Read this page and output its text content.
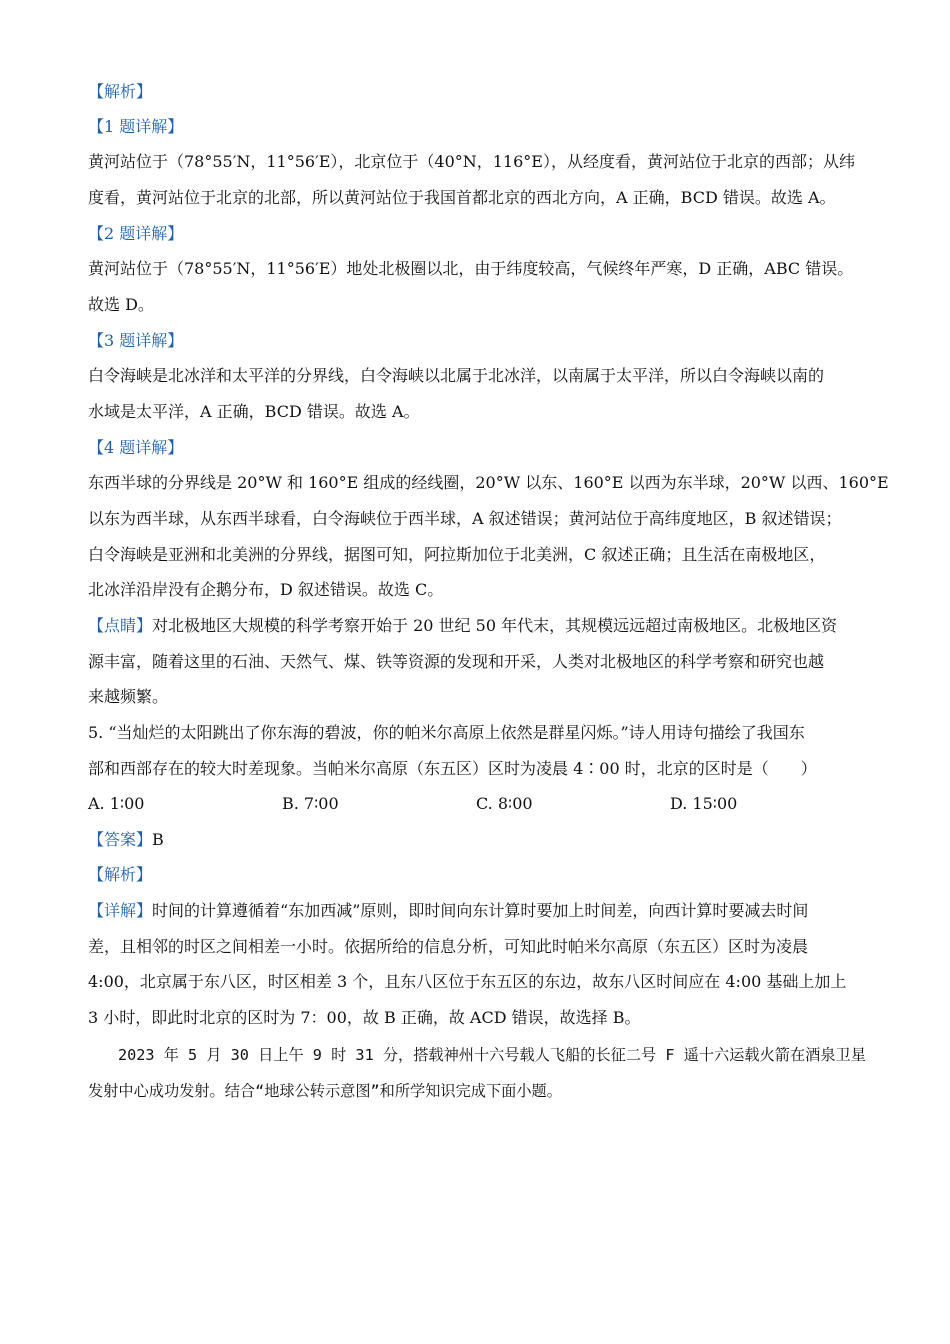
【解析】
【1 题详解】
黄河站位于（78°55′N，11°56′E），北京位于（40°N，116°E），从经度看，黄河站位于北京的西部；从纬
度看，黄河站位于北京的北部，所以黄河站位于我国首都北京的西北方向，A 正确，BCD 错误。故选 A。
【2 题详解】
黄河站位于（78°55′N，11°56′E）地处北极圈以北，由于纬度较高，气候终年严寒，D 正确，ABC 错误。
故选 D。
【3 题详解】
白令海峡是北冰洋和太平洋的分界线，白令海峡以北属于北冰洋，以南属于太平洋，所以白令海峡以南的
水域是太平洋，A 正确，BCD 错误。故选 A。
【4 题详解】
东西半球的分界线是 20°W 和 160°E 组成的经线圈，20°W 以东、160°E 以西为东半球，20°W 以西、160°E
以东为西半球，从东西半球看，白令海峡位于西半球，A 叙述错误；黄河站位于高纬度地区，B 叙述错误；
白令海峡是亚洲和北美洲的分界线，据图可知，阿拉斯加位于北美洲，C 叙述正确；且生活在南极地区，
北冰洋沿岸没有企鹅分布，D 叙述错误。故选 C。
【点睛】对北极地区大规模的科学考察开始于 20 世纪 50 年代末，其规模远远超过南极地区。北极地区资
源丰富，随着这里的石油、天然气、煤、铁等资源的发现和开采，人类对北极地区的科学考察和研究也越
来越频繁。
5. “当灿烂的太阳跳出了你东海的碧波，你的帕米尔高原上依然是群星闪烁。”诗人用诗句描绘了我国东
部和西部存在的较大时差现象。当帕米尔高原（东五区）区时为凌晨 4∶00 时，北京的区时是（　　）
A. 1∶00	B. 7∶00	C. 8∶00	D. 15∶00
【答案】B
【解析】
【详解】时间的计算遵循着“东加西减”原则，即时间向东计算时要加上时间差，向西计算时要减去时间
差，且相邻的时区之间相差一小时。依据所给的信息分析，可知此时帕米尔高原（东五区）区时为凌晨
4:00，北京属于东八区，时区相差 3 个，且东八区位于东五区的东边，故东八区时间应在 4:00 基础上加上
3 小时，即此时北京的区时为 7：00，故 B 正确，故 ACD 错误，故选择 B。
2023 年 5 月 30 日上午 9 时 31 分，搭载神州十六号载人飞船的长征二号 F 遥十六运载火箭在酒泉卫星
发射中心成功发射。结合“地球公转示意图”和所学知识完成下面小题。
